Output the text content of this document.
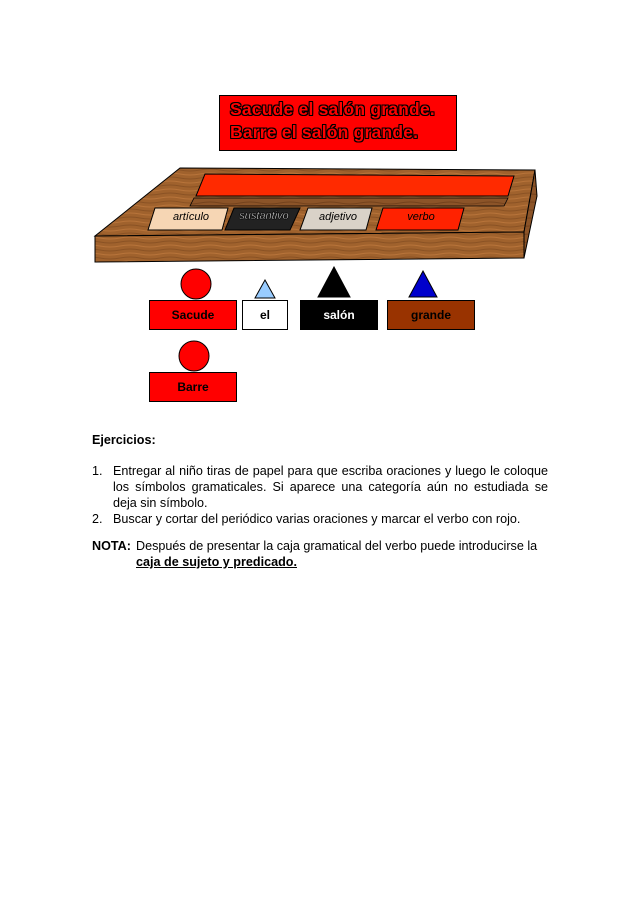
Sacude el salón grande.
Barre el salón grande.
artículo	sustantivo	adjetivo	verbo
Sacude	el	salón	grande
Barre
Ejercicios:
1. Entregar al niño tiras de papel para que escriba oraciones y luego le coloque los símbolos gramaticales. Si aparece una categoría aún no estudiada se deja sin símbolo.
2. Buscar y cortar del periódico varias oraciones y marcar el verbo con rojo.
NOTA: Después de presentar la caja gramatical del verbo puede introducirse la
caja de sujeto y predicado.
